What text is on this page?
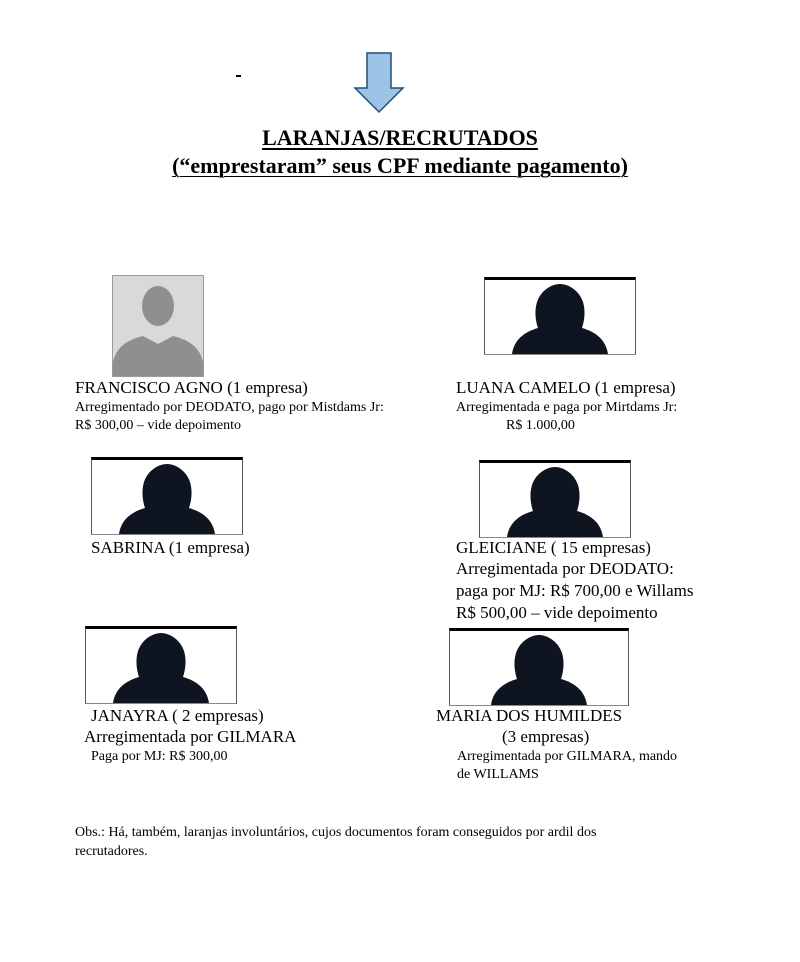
LARANJAS/RECRUTADOS
(“emprestaram” seus CPF mediante pagamento)
FRANCISCO AGNO (1 empresa)
Arregimentado por DEODATO, pago por Mistdams Jr:
R$ 300,00 – vide depoimento
LUANA CAMELO (1 empresa)
Arregimentada e paga por Mirtdams Jr:
R$ 1.000,00
SABRINA (1 empresa)	GLEICIANE ( 15 empresas)
Arregimentada por DEODATO:
paga por MJ: R$ 700,00 e Willams
R$ 500,00 – vide depoimento
JANAYRA ( 2 empresas)
Arregimentada por GILMARA
Paga por MJ: R$ 300,00
MARIA DOS HUMILDES
(3 empresas)
Arregimentada por GILMARA, mando
de WILLAMS
Obs.: Há, também, laranjas involuntários, cujos documentos foram conseguidos por ardil dos
recrutadores.
